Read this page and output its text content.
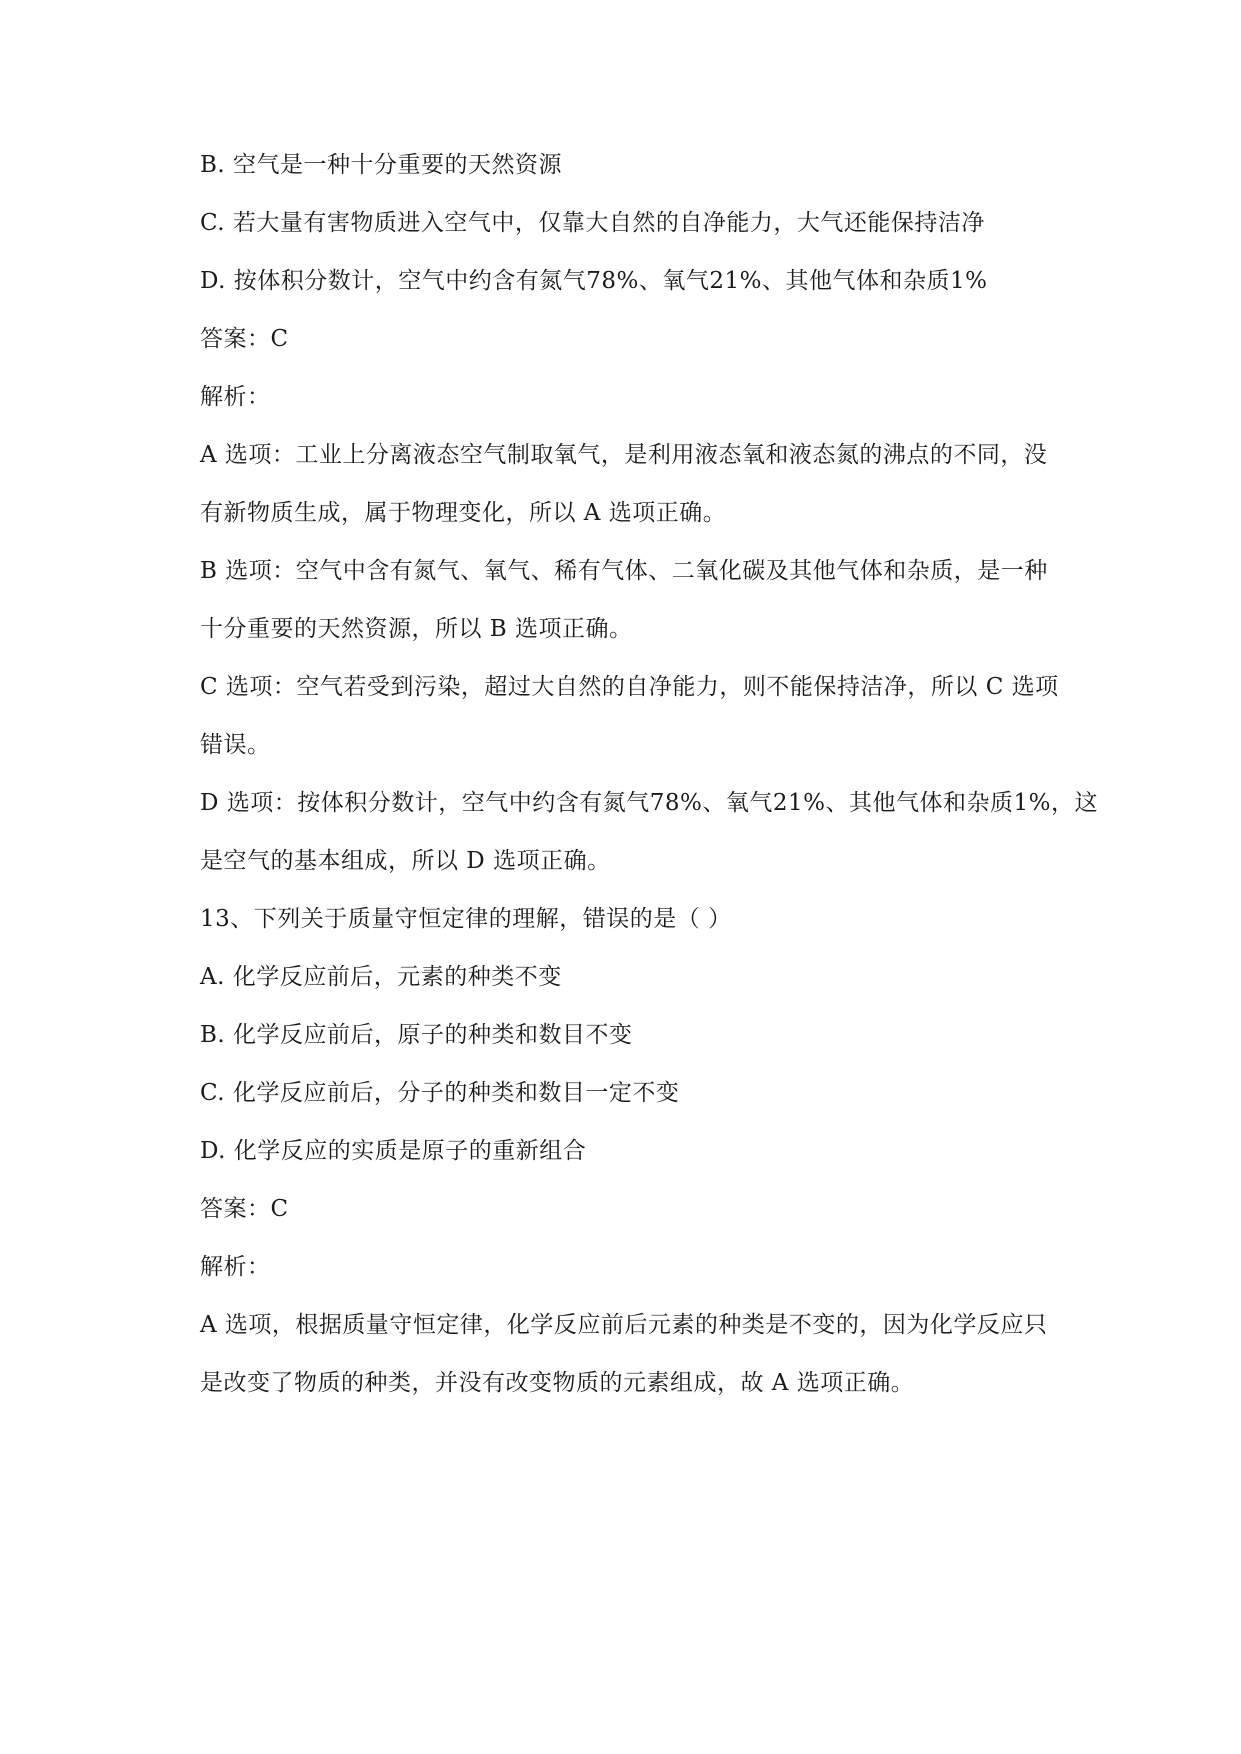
B. 空气是一种十分重要的天然资源
C. 若大量有害物质进入空气中，仅靠大自然的自净能力，大气还能保持洁净
D. 按体积分数计，空气中约含有氮气78%、氧气21%、其他气体和杂质1%
答案：C
解析：
A 选项：工业上分离液态空气制取氧气，是利用液态氧和液态氮的沸点的不同，没
有新物质生成，属于物理变化，所以 A 选项正确。
B 选项：空气中含有氮气、氧气、稀有气体、二氧化碳及其他气体和杂质，是一种
十分重要的天然资源，所以 B 选项正确。
C 选项：空气若受到污染，超过大自然的自净能力，则不能保持洁净，所以 C 选项
错误。
D 选项：按体积分数计，空气中约含有氮气78%、氧气21%、其他气体和杂质1%，这
是空气的基本组成，所以 D 选项正确。
13、下列关于质量守恒定律的理解，错误的是（ ）
A. 化学反应前后，元素的种类不变
B. 化学反应前后，原子的种类和数目不变
C. 化学反应前后，分子的种类和数目一定不变
D. 化学反应的实质是原子的重新组合
答案：C
解析：
A 选项，根据质量守恒定律，化学反应前后元素的种类是不变的，因为化学反应只
是改变了物质的种类，并没有改变物质的元素组成，故 A 选项正确。
